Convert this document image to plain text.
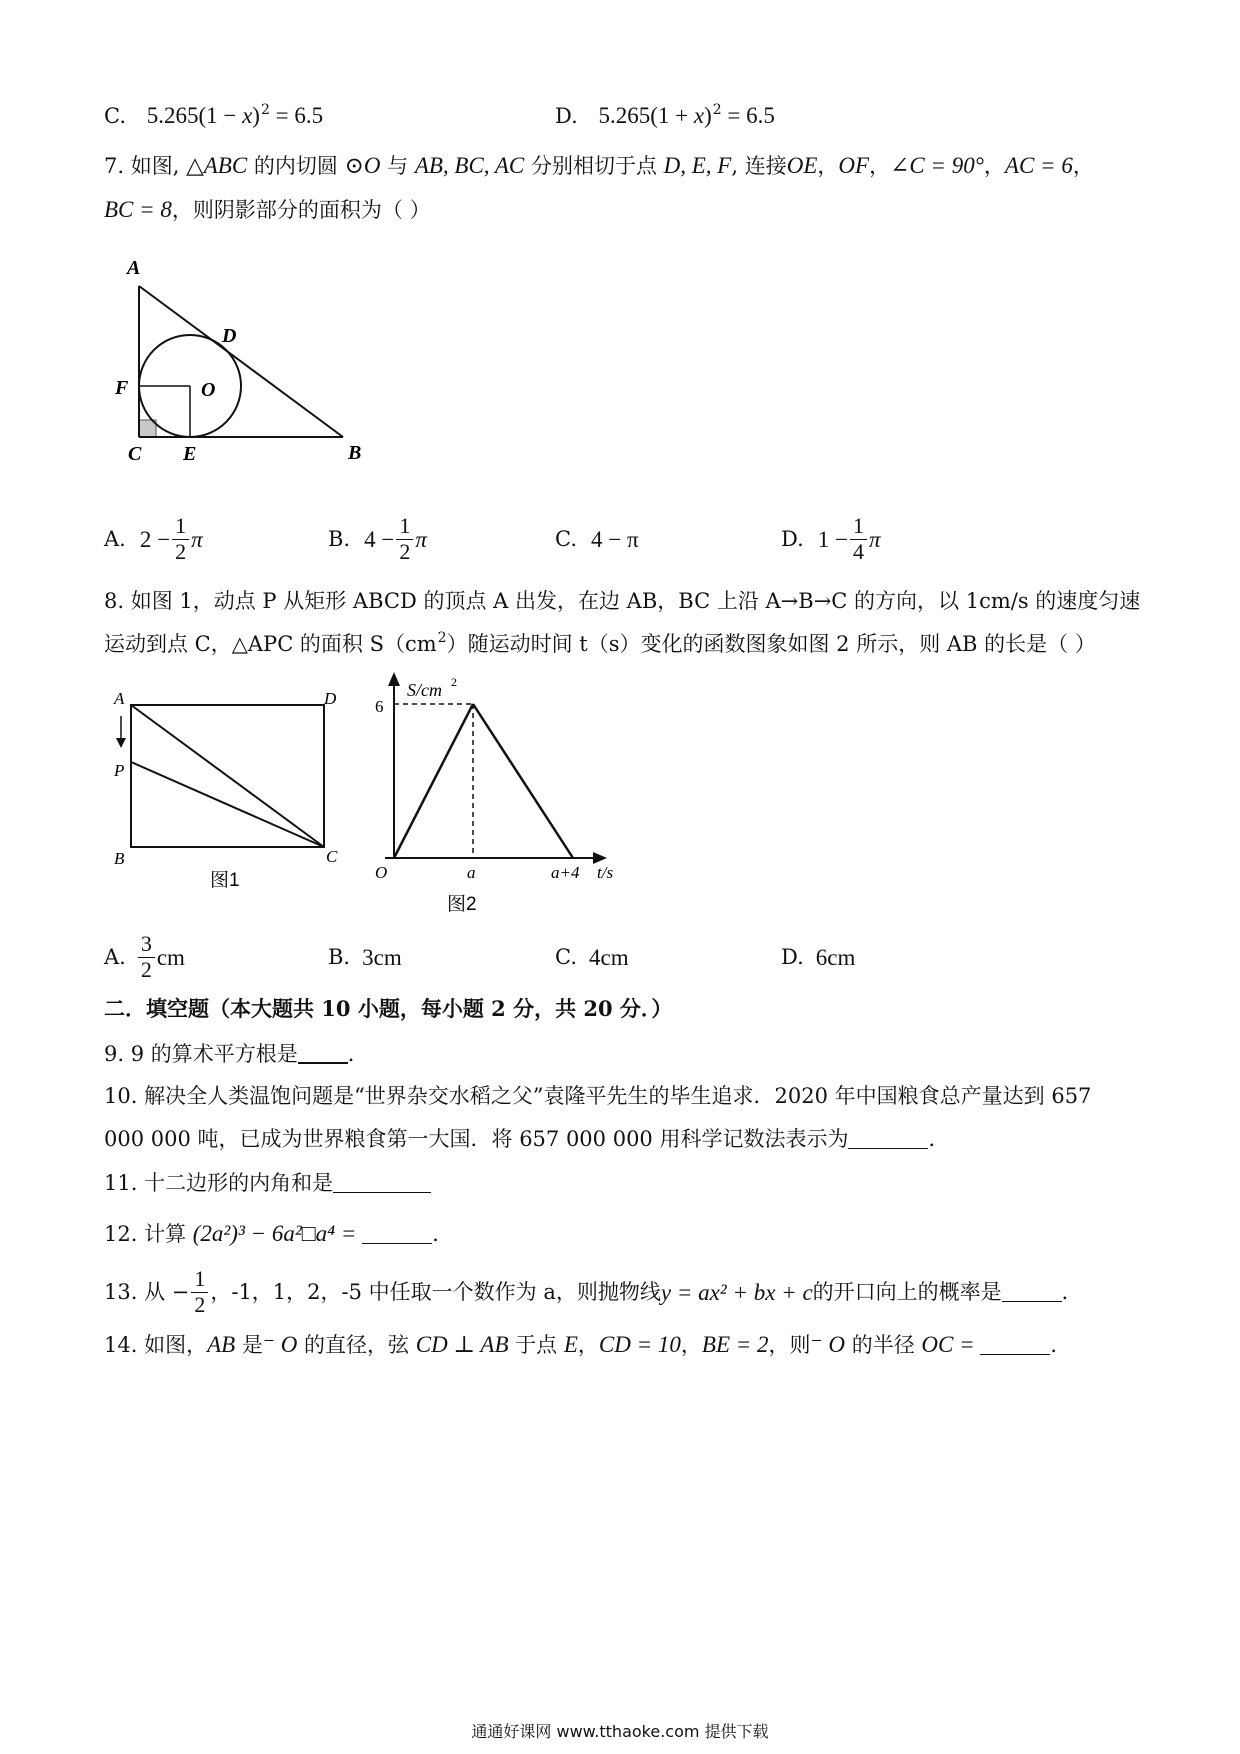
C. $5.265(1 - x)^2 = 6.5$	D. $5.265(1 + x)^2 = 6.5$
7. 如图, △ABC 的内切圆 ⊙O 与 AB, BC, AC 分别相切于点 D, E, F, 连接OE，OF，∠C = 90°，AC = 6，
BC = 8，则阴影部分的面积为（ ）
A
D
F	O
C E	B
A. $2 - \frac{1}{2}$ π	B. $4 - \frac{1}{2}$ π	C. 4 − π	D. $1 - \frac{1}{4}$ π
8. 如图 1，动点 P 从矩形 ABCD 的顶点 A 出发，在边 AB，BC 上沿 A→B→C 的方向，以 1cm/s 的速度匀速
运动到点 C，△APC 的面积 $S(cm^2)$随运动时间 t（s）变化的函数图象如图 2 所示，则 AB 的长是（ ）
A	D
P
B	C
图1
S/cm 2
6
O	a	a+4 t/s
图2
A. $\frac{3}{2}$ cm	B. 3cm	C. 4cm	D. 6cm
二．填空题（本大题共 10 小题，每小题 2 分，共 20 分．）
9. 9 的算术平方根是 ．
10. 解决全人类温饱问题是“世界杂交水稻之父”袁隆平先生的毕生追求．2020 年中国粮食总产量达到 657
000 000 吨，已成为世界粮食第一大国．将 657 000 000 用科学记数法表示为	．
11. 十二边形的内角和是
12. 计算 (2a²)³ − 6a²□a⁴ =	．
13. 从 − $\frac{1}{2}$ ，-1，1，2，-5 中任取一个数作为 a，则抛物线 y = ax² + bx + c 的开口向上的概率是	．
14. 如图，AB 是⁻ O 的直径，弦 CD ⊥ AB 于点 E，CD = 10，BE = 2，则⁻ O 的半径 OC =	．
通通好课网 www.tthaoke.com 提供下载
